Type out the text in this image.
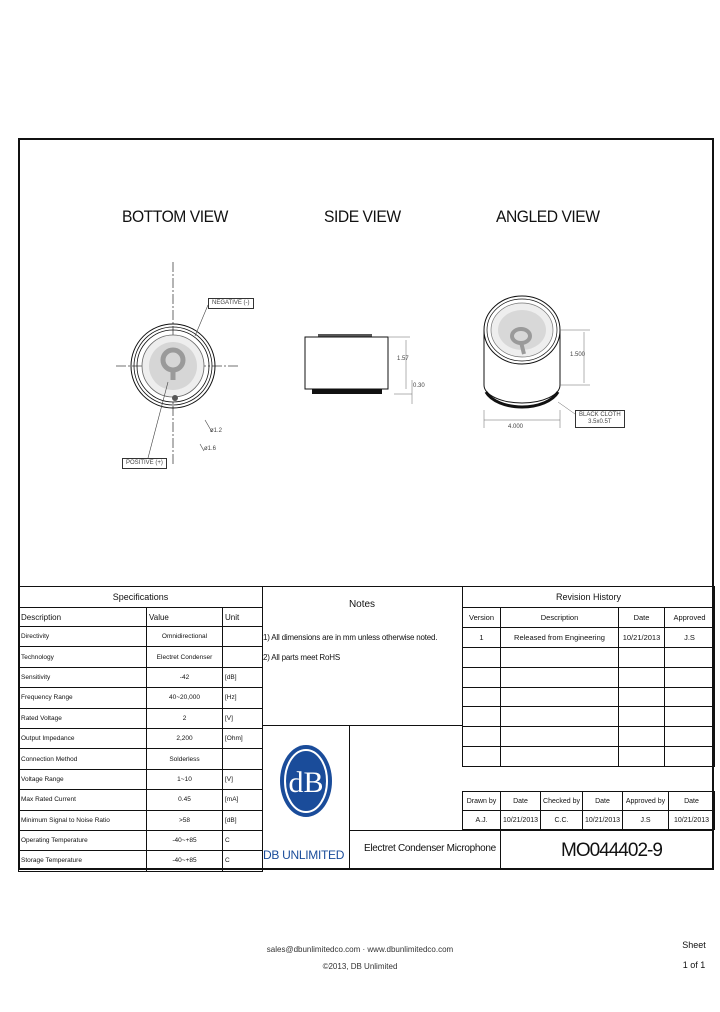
BOTTOM VIEW	SIDE VIEW	ANGLED VIEW
NEGATIVE (-)
POSITIVE (+)
ø1.2
ø1.6
1.57
0.30
1.500
4.000
BLACK CLOTH
3.5x0.5T
Specifications		
Description	Value	Unit
Directivity	Omnidirectional	
Technology	Electret Condenser	
Sensitivity	-42	[dB]
Frequency Range	40~20,000	[Hz]
Rated Voltage	2	[V]
Output Impedance	2,200	[Ohm]
Connection Method	Solderless	
Voltage Range	1~10	[V]
Max Rated Current	0.45	[mA]
Minimum Signal to Noise Ratio	>58	[dB]
Operating Temperature	-40~+85	C
Storage Temperature	-40~+85	C
Notes
1) All dimensions are in mm unless otherwise noted.
2) All parts meet RoHS
Revision History			
Version	Description	Date	Approved
1	Released from Engineering	10/21/2013	J.S

Drawn by	Date	Checked by	Date	Approved by	Date
A.J.	10/21/2013	C.C.	10/21/2013	J.S	10/21/2013
dB
DB UNLIMITED Electret Condenser Microphone	MO044402-9
sales@dbunlimitedco.com · www.dbunlimitedco.com
©2013, DB Unlimited
Sheet
1 of 1
